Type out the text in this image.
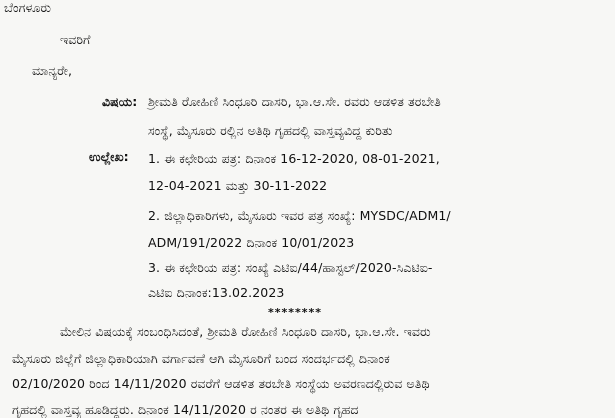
ಬೆಂಗಳೂರು
ಇವರಿಗೆ
ಮಾನ್ಯರೇ,
ವಿಷಯ: ಶ್ರೀಮತಿ ರೋಹಿಣಿ ಸಿಂಧೂರಿ ದಾಸರಿ, ಭಾ.ಆ.ಸೇ. ರವರು ಆಡಳಿತ ತರಬೇತಿ
ಸಂಸ್ಥೆ, ಮೈಸೂರು ರಲ್ಲಿನ ಅತಿಥಿ ಗೃಹದಲ್ಲಿ ವಾಸ್ತವ್ಯವಿದ್ದ ಕುರಿತು
ಉಲ್ಲೇಖ: 1. ಈ ಕಛೇರಿಯ ಪತ್ರ: ದಿನಾಂಕ 16-12-2020, 08-01-2021,
12-04-2021 ಮತ್ತು 30-11-2022
2. ಜಿಲ್ಲಾಧಿಕಾರಿಗಳು, ಮೈಸೂರು ಇವರ ಪತ್ರ ಸಂಖ್ಯೆ: MYSDC/ADM1/
ADM/191/2022 ದಿನಾಂಕ 10/01/2023
3. ಈ ಕಛೇರಿಯ ಪತ್ರ: ಸಂಖ್ಯೆ ಎಟಿಐ/44/ಹಾಸ್ಟಲ್/2020-ಸಿಎಟಿಐ-
ಎಟಿಐ ದಿನಾಂಕ:13.02.2023
********
ಮೇಲಿನ ವಿಷಯಕ್ಕೆ ಸಂಬಂಧಿಸಿದಂತೆ, ಶ್ರೀಮತಿ ರೋಹಿಣಿ ಸಿಂಧೂರಿ ದಾಸರಿ, ಭಾ.ಆ.ಸೇ. ಇವರು
ಮೈಸೂರು ಜಿಲ್ಲೆಗೆ ಜಿಲ್ಲಾಧಿಕಾರಿಯಾಗಿ ವರ್ಗಾವಣೆ ಆಗಿ ಮೈಸೂರಿಗೆ ಬಂದ ಸಂದರ್ಭದಲ್ಲಿ ದಿನಾಂಕ
02/10/2020 ರಿಂದ 14/11/2020 ರವರೆಗೆ ಆಡಳಿತ ತರಬೇತಿ ಸಂಸ್ಥೆಯ ಅವರಣದಲ್ಲಿರುವ ಅತಿಥಿ
ಗೃಹದಲ್ಲಿ ವಾಸ್ತವ್ಯ ಹೂಡಿದ್ದರು. ದಿನಾಂಕ 14/11/2020 ರ ನಂತರ ಈ ಅತಿಥಿ ಗೃಹದ
